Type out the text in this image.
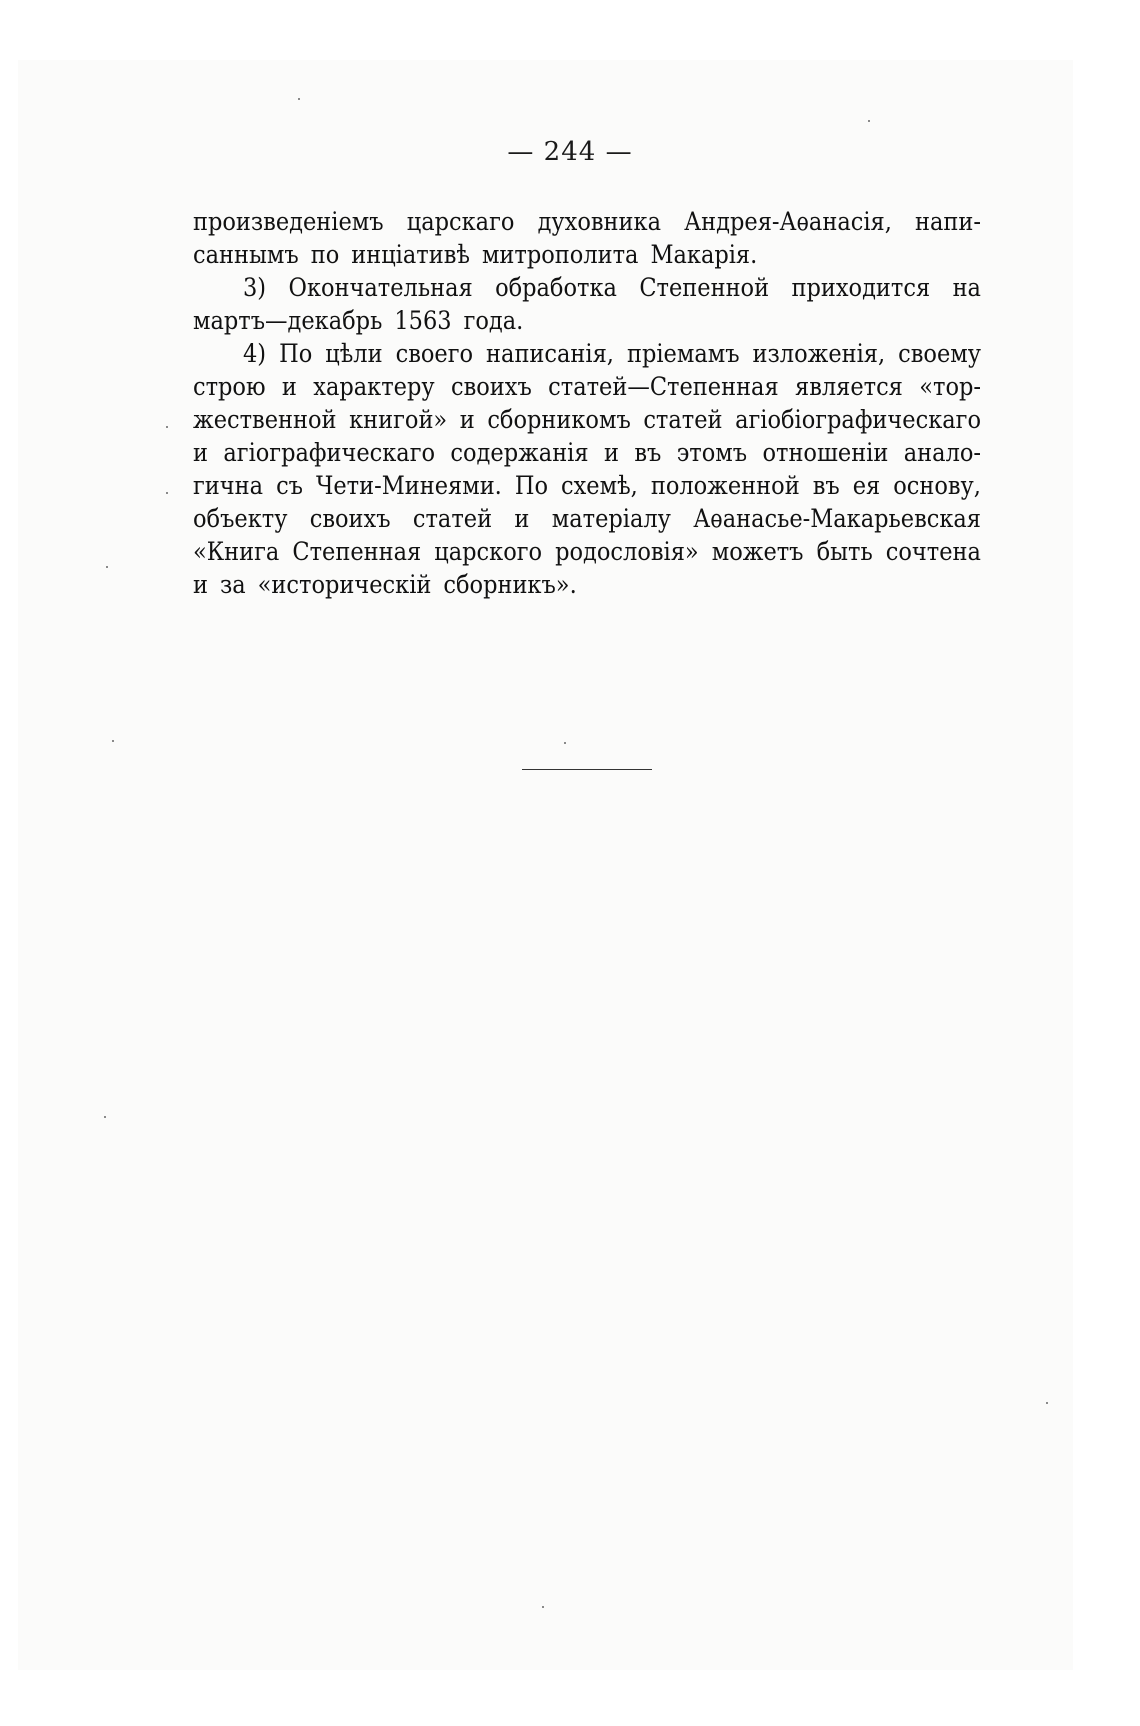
— 244 —
произведеніемъ царскаго духовника Андрея-Аѳанасія, напи-
саннымъ по инціативѣ митрополита Макарія.
3) Окончательная обработка Степенной приходится на
мартъ—декабрь 1563 года.
4) По цѣли своего написанія, пріемамъ изложенія, своему
строю и характеру своихъ статей—Степенная является «тор-
жественной книгой» и сборникомъ статей агіобіографическаго
и агіографическаго содержанія и въ этомъ отношеніи анало-
гична съ Чети-Минеями. По схемѣ, положенной въ ея основу,
объекту своихъ статей и матеріалу Аѳанасье-Макарьевская
«Книга Степенная царского родословія» можетъ быть сочтена
и за «историческій сборникъ».
